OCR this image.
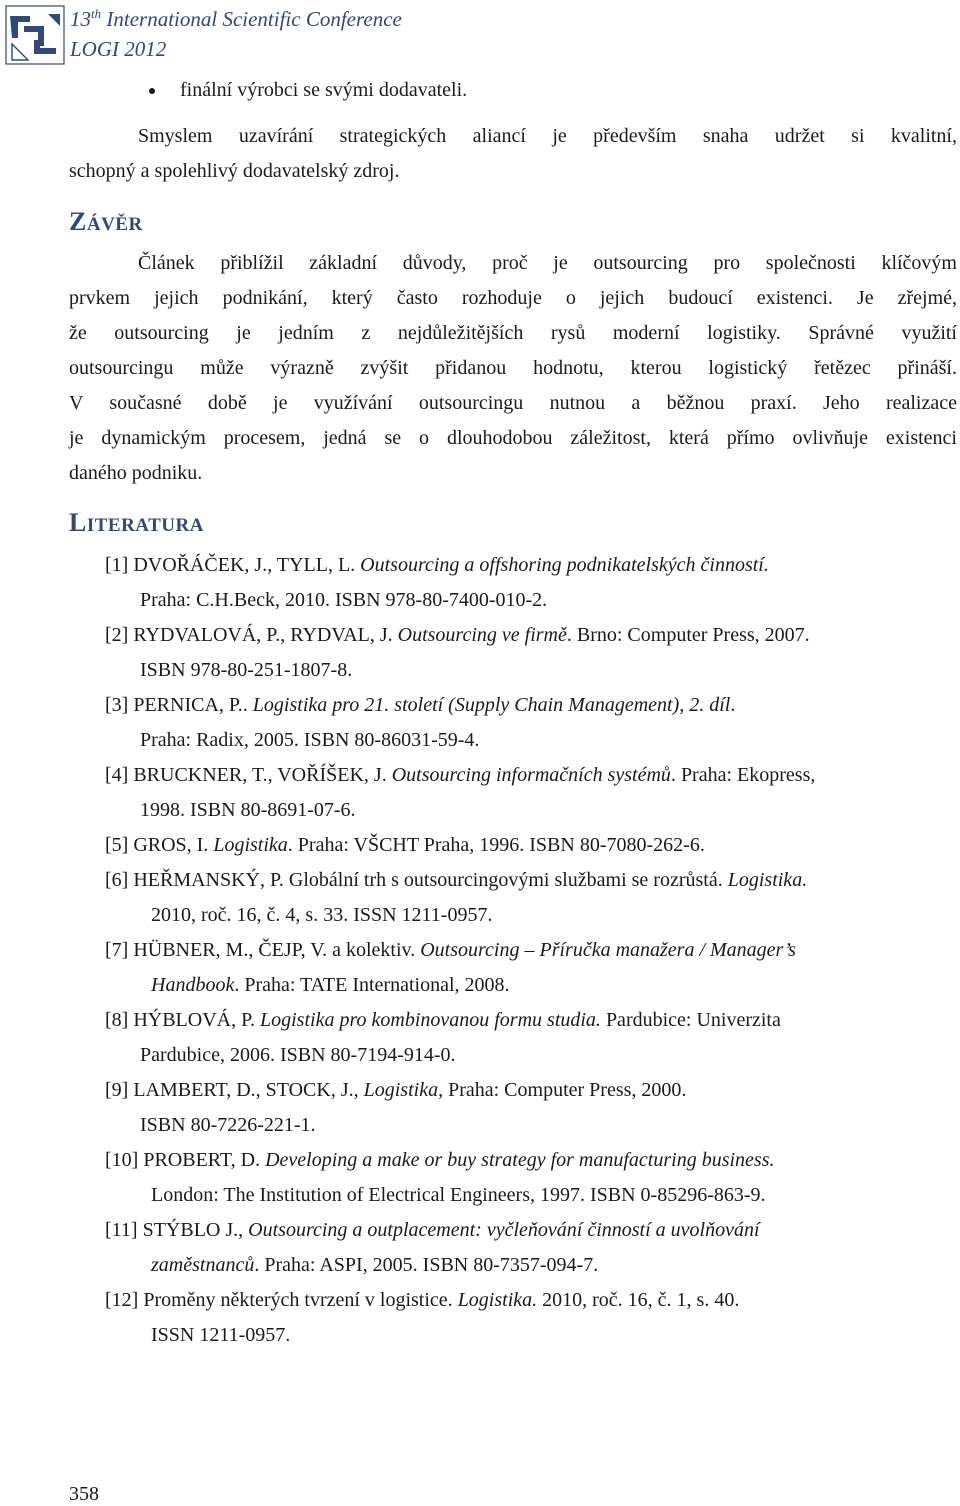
13th International Scientific Conference
LOGI 2012
finální výrobci se svými dodavateli.
Smyslem uzavírání strategických aliancí je především snaha udržet si kvalitní,
schopný a spolehlivý dodavatelský zdroj.
ZÁVĚR
Článek přiblížil základní důvody, proč je outsourcing pro společnosti klíčovým
prvkem jejich podnikání, který často rozhoduje o jejich budoucí existenci. Je zřejmé,
že outsourcing je jedním z nejdůležitějších rysů moderní logistiky. Správné využití
outsourcingu může výrazně zvýšit přidanou hodnotu, kterou logistický řetězec přináší.
V současné době je využívání outsourcingu nutnou a běžnou praxí. Jeho realizace
je dynamickým procesem, jedná se o dlouhodobou záležitost, která přímo ovlivňuje existenci
daného podniku.
LITERATURA
[1] DVOŘÁČEK, J., TYLL, L. Outsourcing a offshoring podnikatelských činností.
Praha: C.H.Beck, 2010. ISBN 978-80-7400-010-2.
[2] RYDVALOVÁ, P., RYDVAL, J. Outsourcing ve firmě. Brno: Computer Press, 2007.
ISBN 978-80-251-1807-8.
[3] PERNICA, P.. Logistika pro 21. století (Supply Chain Management), 2. díl.
Praha: Radix, 2005. ISBN 80-86031-59-4.
[4] BRUCKNER, T., VOŘÍŠEK, J. Outsourcing informačních systémů. Praha: Ekopress,
1998. ISBN 80-8691-07-6.
[5] GROS, I. Logistika. Praha: VŠCHT Praha, 1996. ISBN 80-7080-262-6.
[6] HEŘMANSKÝ, P. Globální trh s outsourcingovými službami se rozrůstá. Logistika.
2010, roč. 16, č. 4, s. 33. ISSN 1211-0957.
[7] HÜBNER, M., ČEJP, V. a kolektiv. Outsourcing – Příručka manažera / Manager’s
Handbook. Praha: TATE International, 2008.
[8] HÝBLOVÁ, P. Logistika pro kombinovanou formu studia. Pardubice: Univerzita
Pardubice, 2006. ISBN 80-7194-914-0.
[9] LAMBERT, D., STOCK, J., Logistika, Praha: Computer Press, 2000.
ISBN 80-7226-221-1.
[10] PROBERT, D. Developing a make or buy strategy for manufacturing business.
London: The Institution of Electrical Engineers, 1997. ISBN 0-85296-863-9.
[11] STÝBLO J., Outsourcing a outplacement: vyčleňování činností a uvolňování
zaměstnanců. Praha: ASPI, 2005. ISBN 80-7357-094-7.
[12] Proměny některých tvrzení v logistice. Logistika. 2010, roč. 16, č. 1, s. 40.
ISSN 1211-0957.
358
